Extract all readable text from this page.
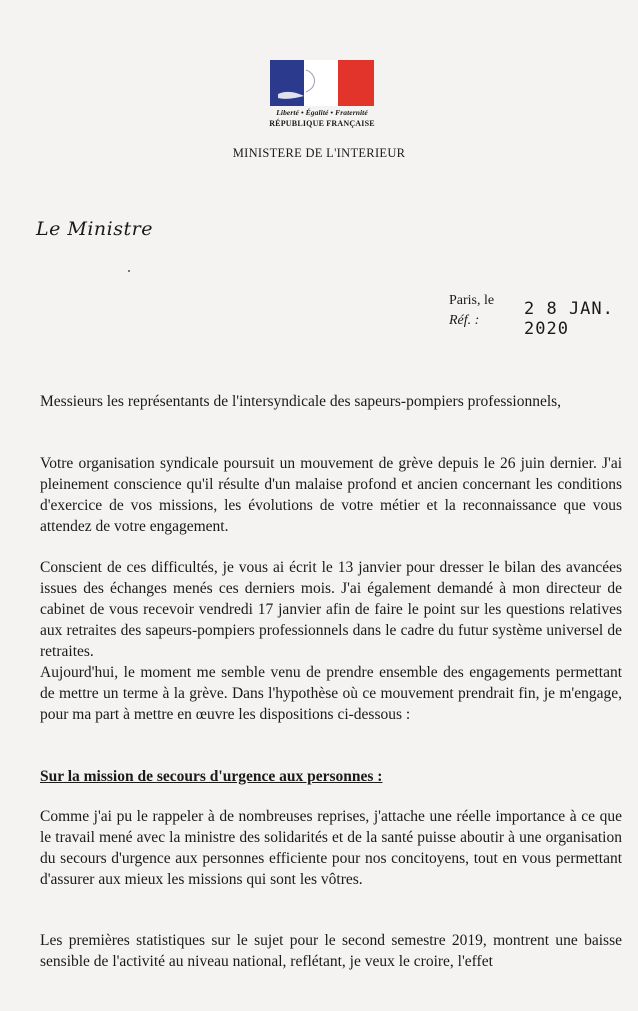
Liberté • Égalité • Fraternité
RÉPUBLIQUE FRANÇAISE
MINISTERE DE L'INTERIEUR
Le Ministre
Paris, le
Réf. :
2 8 JAN. 2020
Messieurs les représentants de l'intersyndicale des sapeurs-pompiers professionnels,
Votre organisation syndicale poursuit un mouvement de grève depuis le 26 juin dernier. J'ai pleinement conscience qu'il résulte d'un malaise profond et ancien concernant les conditions d'exercice de vos missions, les évolutions de votre métier et la reconnaissance que vous attendez de votre engagement.
Conscient de ces difficultés, je vous ai écrit le 13 janvier pour dresser le bilan des avancées issues des échanges menés ces derniers mois. J'ai également demandé à mon directeur de cabinet de vous recevoir vendredi 17 janvier afin de faire le point sur les questions relatives aux retraites des sapeurs-pompiers professionnels dans le cadre du futur système universel de retraites.
Aujourd'hui, le moment me semble venu de prendre ensemble des engagements permettant de mettre un terme à la grève. Dans l'hypothèse où ce mouvement prendrait fin, je m'engage, pour ma part à mettre en œuvre les dispositions ci-dessous :
Sur la mission de secours d'urgence aux personnes :
Comme j'ai pu le rappeler à de nombreuses reprises, j'attache une réelle importance à ce que le travail mené avec la ministre des solidarités et de la santé puisse aboutir à une organisation du secours d'urgence aux personnes efficiente pour nos concitoyens, tout en vous permettant d'assurer aux mieux les missions qui sont les vôtres.
Les premières statistiques sur le sujet pour le second semestre 2019, montrent une baisse sensible de l'activité au niveau national, reflétant, je veux le croire, l'effet
